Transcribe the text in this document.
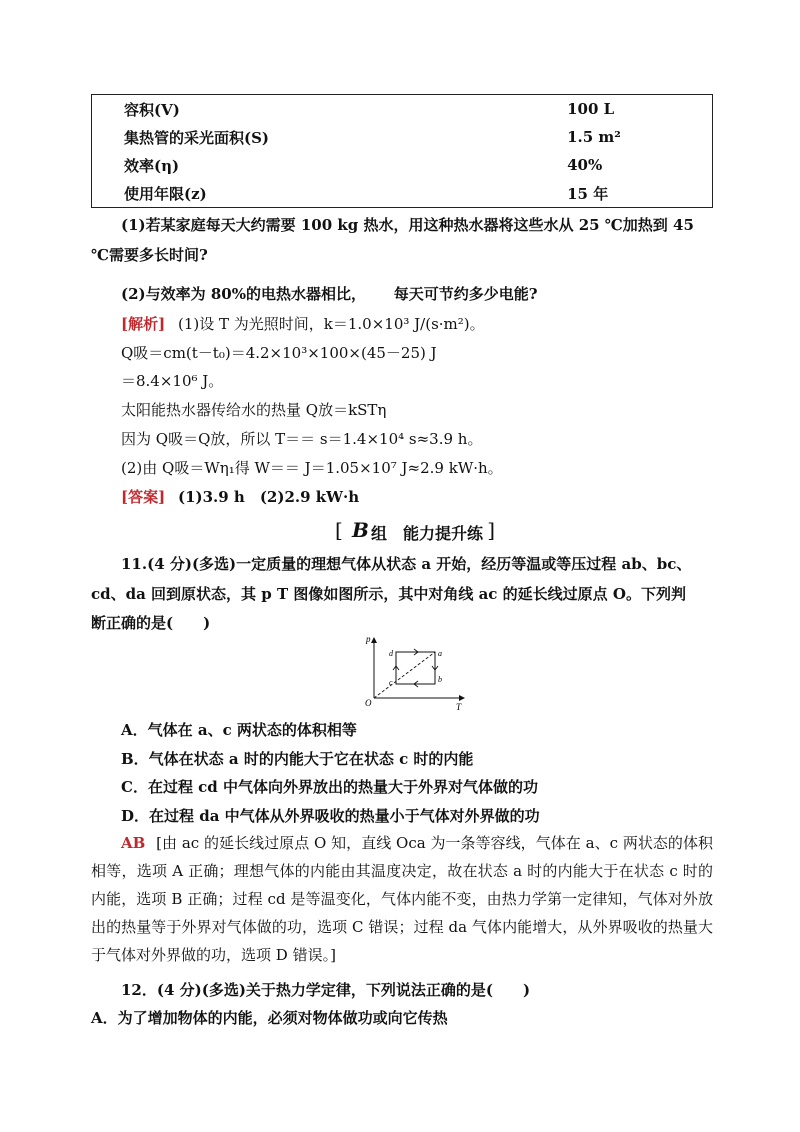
容积(V)	100 L
集热管的采光面积(S)	1.5 m²
效率(η)	40%
使用年限(z)	15 年
(1)若某家庭每天大约需要 100 kg 热水，用这种热水器将这些水从 25 ℃加热到 45
℃需要多长时间?
(2)与效率为 80%的电热水器相比，　　 每天可节约多少电能?
[解析] (1)设 T 为光照时间，k＝1.0×10³ J/(s·m²)。
Q吸＝cm(t－t₀)＝4.2×10³×100×(45－25) J
＝8.4×10⁶ J。
太阳能热水器传给水的热量 Q放＝kSTη
因为 Q吸＝Q放，所以 T＝＝ s＝1.4×10⁴ s≈3.9 h。
(2)由 Q吸＝Wη₁得 W＝＝ J＝1.05×10⁷ J≈2.9 kW·h。
[答案] (1)3.9 h　(2)2.9 kW·h
[ B 组　能力提升练 ]
11.(4 分)(多选)一定质量的理想气体从状态 a 开始，经历等温或等压过程 ab、bc、
cd、da 回到原状态，其 p T 图像如图所示，其中对角线 ac 的延长线过原点 O。下列判
断正确的是(　　)
p
T
O
a
b
c
d
A．气体在 a、c 两状态的体积相等
B．气体在状态 a 时的内能大于它在状态 c 时的内能
C．在过程 cd 中气体向外界放出的热量大于外界对气体做的功
D．在过程 da 中气体从外界吸收的热量小于气体对外界做的功
AB [由 ac 的延长线过原点 O 知，直线 Oca 为一条等容线，气体在 a、c 两状态的体积相等，选项 A 正确；理想气体的内能由其温度决定，故在状态 a 时的内能大于在状态 c 时的内能，选项 B 正确；过程 cd 是等温变化，气体内能不变，由热力学第一定律知，气体对外放出的热量等于外界对气体做的功，选项 C 错误；过程 da 气体内能增大，从外界吸收的热量大于气体对外界做的功，选项 D 错误。]
12．(4 分)(多选)关于热力学定律，下列说法正确的是(　　)
A．为了增加物体的内能，必须对物体做功或向它传热
